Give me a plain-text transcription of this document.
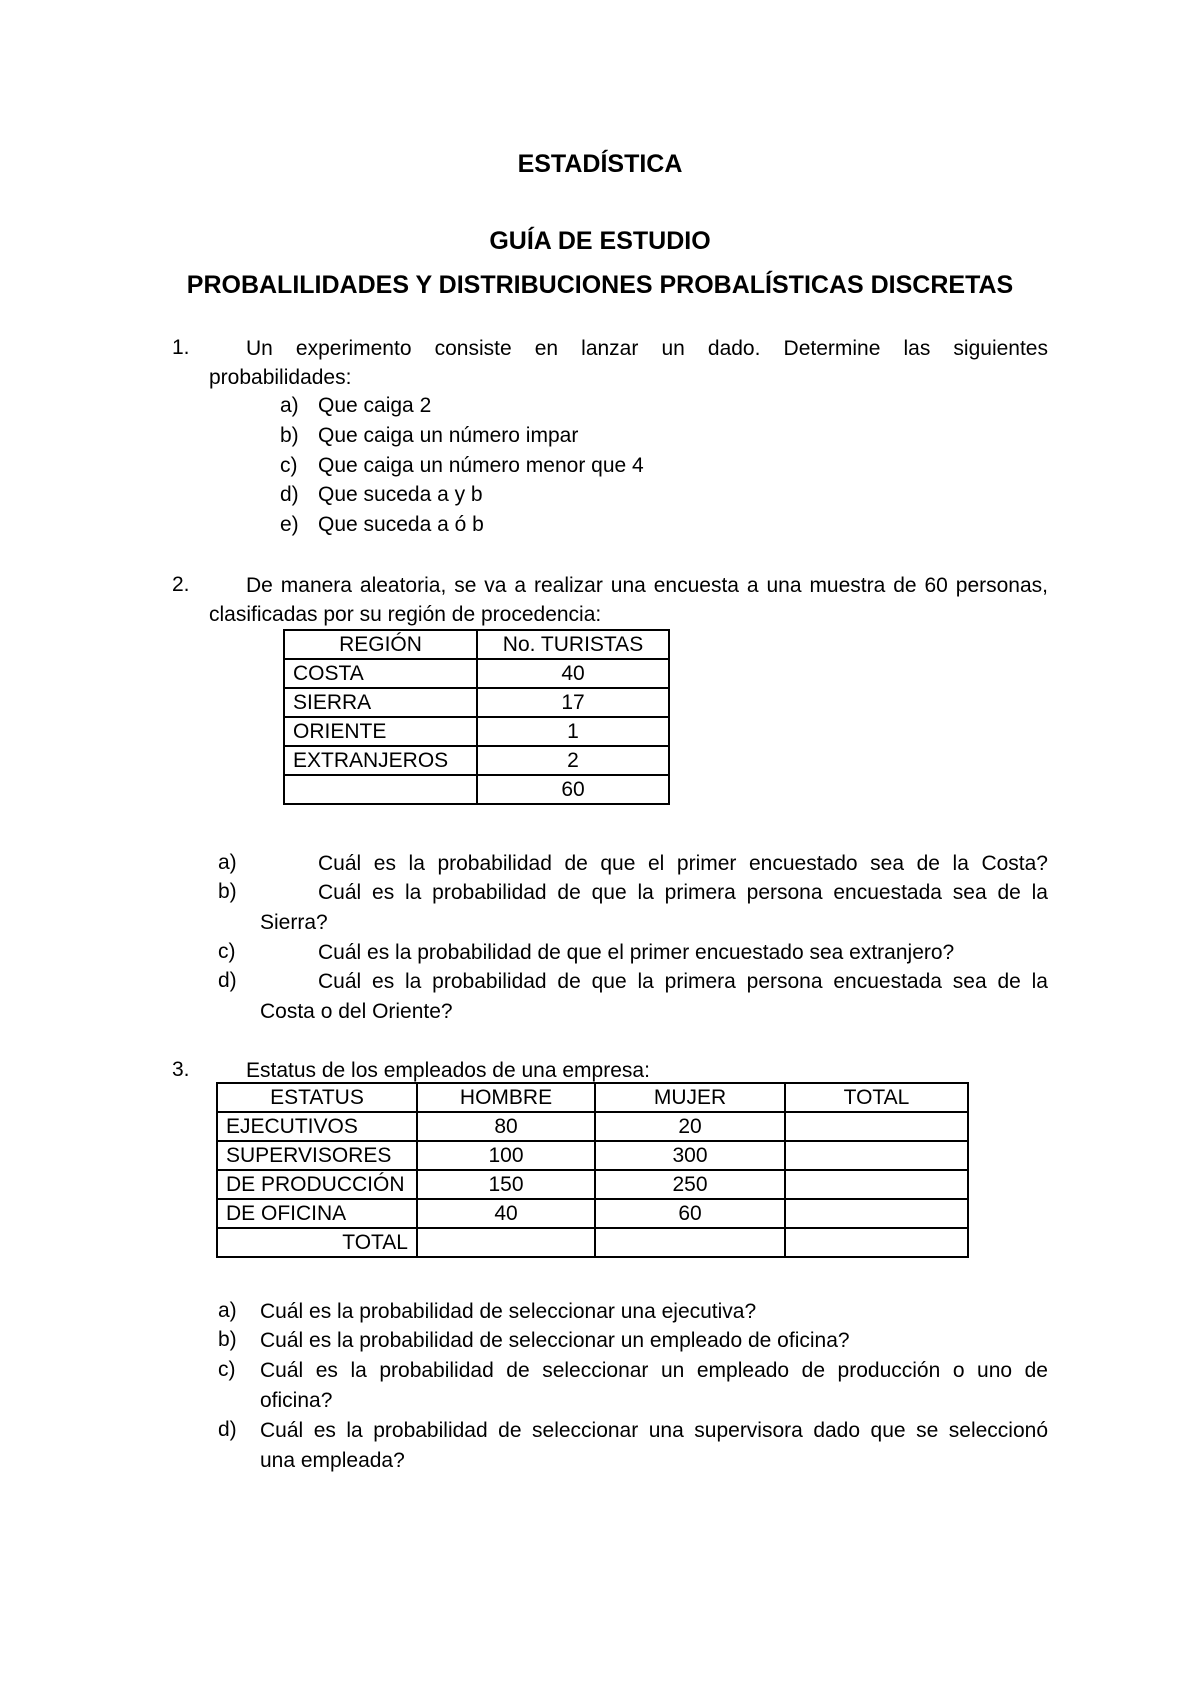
ESTADÍSTICA
GUÍA DE ESTUDIO
PROBALILIDADES Y DISTRIBUCIONES PROBALÍSTICAS DISCRETAS
1.	Un experimento consiste en lanzar un dado. Determine las siguientes
probabilidades:
a) Que caiga 2
b) Que caiga un número impar
c) Que caiga un número menor que 4
d) Que suceda a y b
e) Que suceda a ó b
2.	De manera aleatoria, se va a realizar una encuesta a una muestra de 60 personas,
clasificadas por su región de procedencia:
REGIÓN	No. TURISTAS
COSTA	40
SIERRA	17
ORIENTE	1
EXTRANJEROS	2
	60
a)	Cuál es la probabilidad de que el primer encuestado sea de la Costa?
b)	Cuál es la probabilidad de que la primera persona encuestada sea de la
Sierra?
c)	Cuál es la probabilidad de que el primer encuestado sea extranjero?
d)	Cuál es la probabilidad de que la primera persona encuestada sea de la
Costa o del Oriente?
3.	Estatus de los empleados de una empresa:
ESTATUS	HOMBRE	MUJER	TOTAL
EJECUTIVOS	80	20	
SUPERVISORES	100	300	
DE PRODUCCIÓN	150	250	
DE OFICINA	40	60	
TOTAL			
a) Cuál es la probabilidad de seleccionar una ejecutiva?
b) Cuál es la probabilidad de seleccionar un empleado de oficina?
c) Cuál es la probabilidad de seleccionar un empleado de producción o uno de
oficina?
d) Cuál es la probabilidad de seleccionar una supervisora dado que se seleccionó
una empleada?
